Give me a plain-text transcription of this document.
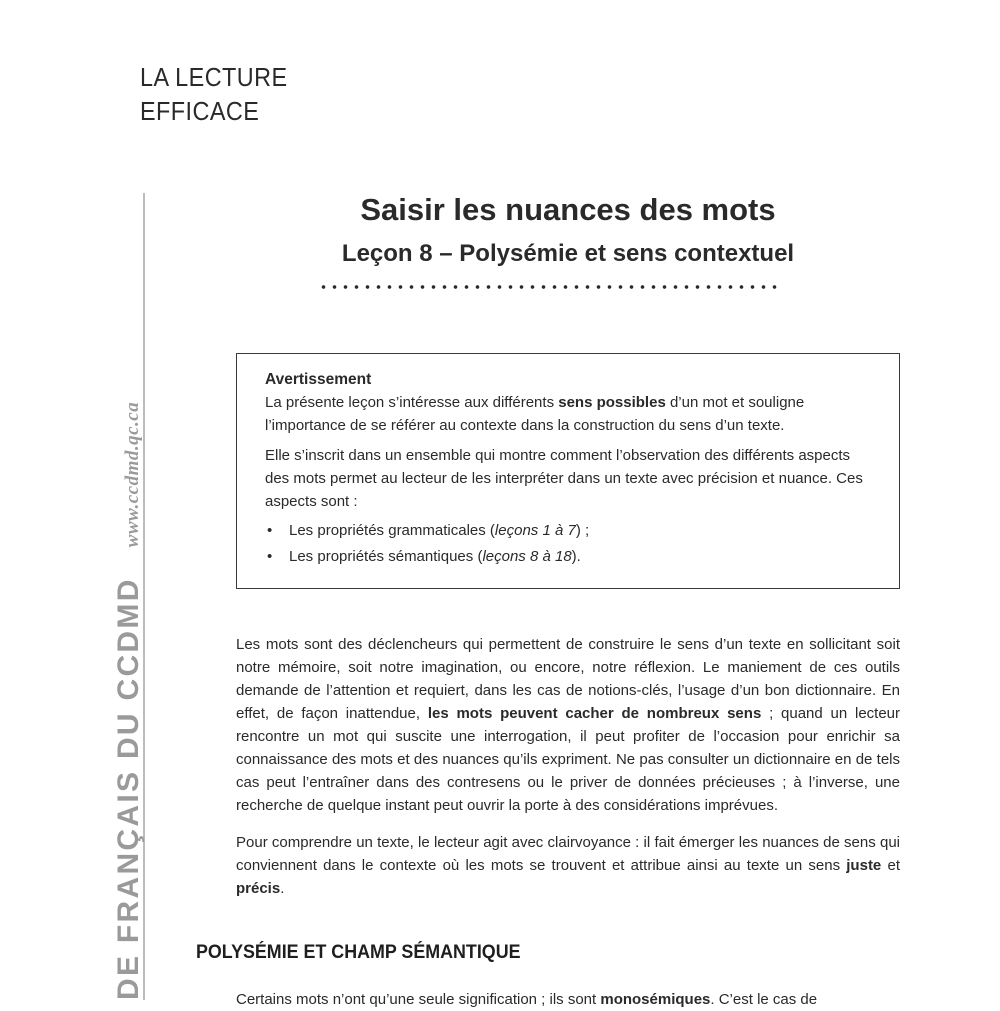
LA LECTURE
EFFICACE
DE FRANÇAIS DU CCDMDwww.ccdmd.qc.ca
Saisir les nuances des mots
Leçon 8 – Polysémie et sens contextuel
Avertissement

La présente leçon s’intéresse aux différents sens possibles d’un mot et souligne l’importance de se référer au contexte dans la construction du sens d’un texte.

Elle s’inscrit dans un ensemble qui montre comment l’observation des différents aspects des mots permet au lecteur de les interpréter dans un texte avec précision et nuance. Ces aspects sont :

• Les propriétés grammaticales (leçons 1 à 7) ;
• Les propriétés sémantiques (leçons 8 à 18).

Les mots sont des déclencheurs qui permettent de construire le sens d’un texte en sollicitant soit notre mémoire, soit notre imagination, ou encore, notre réflexion. Le maniement de ces outils demande de l’attention et requiert, dans les cas de notions-clés, l’usage d’un bon dictionnaire. En effet, de façon inattendue, les mots peuvent cacher de nombreux sens ; quand un lecteur rencontre un mot qui suscite une interrogation, il peut profiter de l’occasion pour enrichir sa connaissance des mots et des nuances qu’ils expriment. Ne pas consulter un dictionnaire en de tels cas peut l’entraîner dans des contresens ou le priver de données précieuses ; à l’inverse, une recherche de quelque instant peut ouvrir la porte à des considérations imprévues.

Pour comprendre un texte, le lecteur agit avec clairvoyance : il fait émerger les nuances de sens qui conviennent dans le contexte où les mots se trouvent et attribue ainsi au texte un sens juste et précis.

POLYSÉMIE ET CHAMP SÉMANTIQUE
Certains mots n’ont qu’une seule signification ; ils sont monosémiques. C’est le cas de
